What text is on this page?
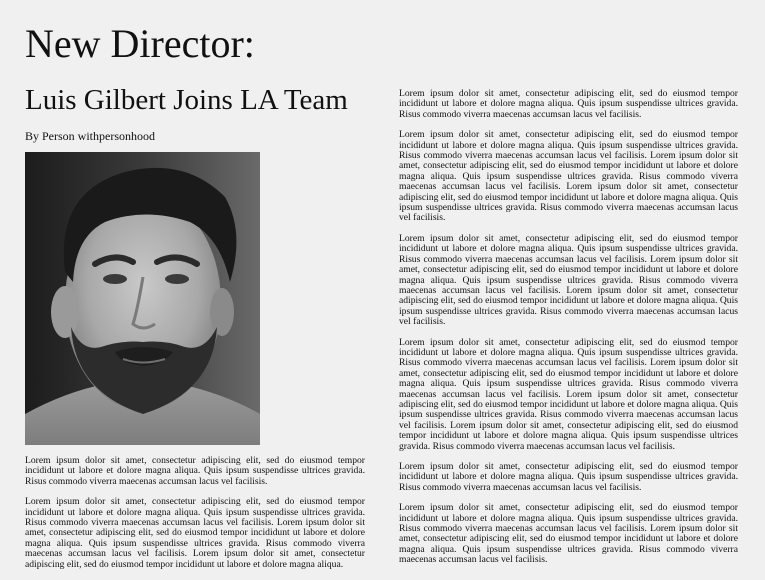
New Director:
Luis Gilbert Joins LA Team

By Person withpersonhood

Lorem ipsum dolor sit amet, consectetur adipiscing elit, sed do eiusmod tempor incididunt ut labore et dolore magna aliqua. Quis ipsum suspendisse ultrices gravida. Risus commodo viverra maecenas accumsan lacus vel facilisis.

Lorem ipsum dolor sit amet, consectetur adipiscing elit, sed do eiusmod tempor incididunt ut labore et dolore magna aliqua. Quis ipsum suspendisse ultrices gravida. Risus commodo viverra maecenas accumsan lacus vel facilisis. Lorem ipsum dolor sit amet, consectetur adipiscing elit, sed do eiusmod tempor incididunt ut labore et dolore magna aliqua. Quis ipsum suspendisse ultrices gravida. Risus commodo viverra maecenas accumsan lacus vel facilisis. Lorem ipsum dolor sit amet, consectetur adipiscing elit, sed do eiusmod tempor incididunt ut labore et dolore magna aliqua.

Lorem ipsum dolor sit amet, consectetur adipiscing elit, sed do eiusmod tempor incididunt ut labore et dolore magna aliqua. Quis ipsum suspendisse ultrices gravida. Risus commodo viverra maecenas accumsan lacus vel facilisis.

Lorem ipsum dolor sit amet, consectetur adipiscing elit, sed do eiusmod tempor incididunt ut labore et dolore magna aliqua. Quis ipsum suspendisse ultrices gravida. Risus commodo viverra maecenas accumsan lacus vel facilisis. Lorem ipsum dolor sit amet, consectetur adipiscing elit, sed do eiusmod tempor incididunt ut labore et dolore magna aliqua. Quis ipsum suspendisse ultrices gravida. Risus commodo viverra maecenas accumsan lacus vel facilisis. Lorem ipsum dolor sit amet, consectetur adipiscing elit, sed do eiusmod tempor incididunt ut labore et dolore magna aliqua. Quis ipsum suspendisse ultrices gravida. Risus commodo viverra maecenas accumsan lacus vel facilisis.

Lorem ipsum dolor sit amet, consectetur adipiscing elit, sed do eiusmod tempor incididunt ut labore et dolore magna aliqua. Quis ipsum suspendisse ultrices gravida. Risus commodo viverra maecenas accumsan lacus vel facilisis. Lorem ipsum dolor sit amet, consectetur adipiscing elit, sed do eiusmod tempor incididunt ut labore et dolore magna aliqua. Quis ipsum suspendisse ultrices gravida. Risus commodo viverra maecenas accumsan lacus vel facilisis. Lorem ipsum dolor sit amet, consectetur adipiscing elit, sed do eiusmod tempor incididunt ut labore et dolore magna aliqua. Quis ipsum suspendisse ultrices gravida. Risus commodo viverra maecenas accumsan lacus vel facilisis.

Lorem ipsum dolor sit amet, consectetur adipiscing elit, sed do eiusmod tempor incididunt ut labore et dolore magna aliqua. Quis ipsum suspendisse ultrices gravida. Risus commodo viverra maecenas accumsan lacus vel facilisis. Lorem ipsum dolor sit amet, consectetur adipiscing elit, sed do eiusmod tempor incididunt ut labore et dolore magna aliqua. Quis ipsum suspendisse ultrices gravida. Risus commodo viverra maecenas accumsan lacus vel facilisis. Lorem ipsum dolor sit amet, consectetur adipiscing elit, sed do eiusmod tempor incididunt ut labore et dolore magna aliqua. Quis ipsum suspendisse ultrices gravida. Risus commodo viverra maecenas accumsan lacus vel facilisis. Lorem ipsum dolor sit amet, consectetur adipiscing elit, sed do eiusmod tempor incididunt ut labore et dolore magna aliqua. Quis ipsum suspendisse ultrices gravida. Risus commodo viverra maecenas accumsan lacus vel facilisis.

Lorem ipsum dolor sit amet, consectetur adipiscing elit, sed do eiusmod tempor incididunt ut labore et dolore magna aliqua. Quis ipsum suspendisse ultrices gravida. Risus commodo viverra maecenas accumsan lacus vel facilisis.

Lorem ipsum dolor sit amet, consectetur adipiscing elit, sed do eiusmod tempor incididunt ut labore et dolore magna aliqua. Quis ipsum suspendisse ultrices gravida. Risus commodo viverra maecenas accumsan lacus vel facilisis. Lorem ipsum dolor sit amet, consectetur adipiscing elit, sed do eiusmod tempor incididunt ut labore et dolore magna aliqua. Quis ipsum suspendisse ultrices gravida. Risus commodo viverra maecenas accumsan lacus vel facilisis.
